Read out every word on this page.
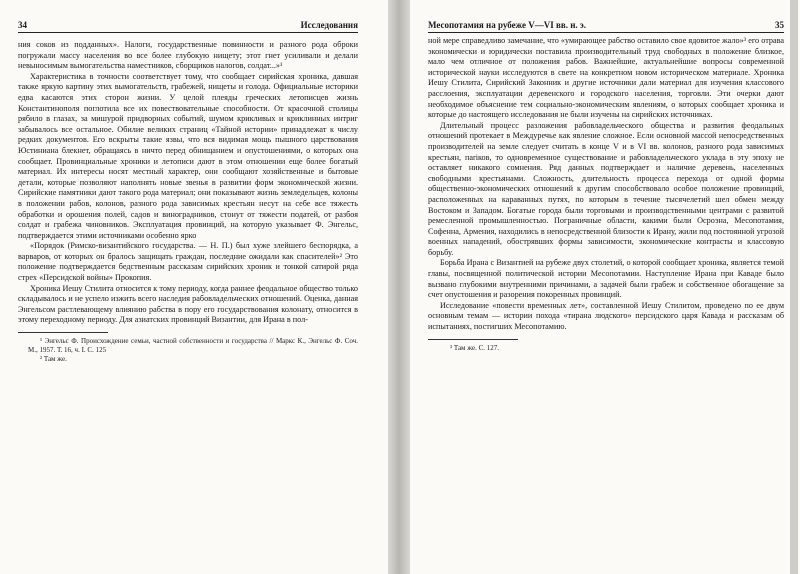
34	Исследования

ния соков из подданных». Налоги, государственные повинности и разного рода оброки погружали массу населения во все более глубокую нищету; этот гнет усиливали и делали невыносимым вымогательства наместников, сборщиков налогов, солдат...»¹

Характеристика в точности соответствует тому, что сообщает сирийская хроника, давшая также яркую картину этих вымогательств, грабежей, нищеты и голода. Официальные историки едва касаются этих сторон жизни. У целой плеяды греческих летописцев жизнь Константинополя поглотила все их повествовательные способности. От красочной столицы рябило в глазах, за мишурой придворных событий, шумом крикливых и криклинных интриг забывалось все остальное. Обилие великих страниц «Тайной истории» принадлежат к числу редких документов. Его вскрыты такие язвы, что вся видимая мощь пышного царствования Юстиниана блекнет, обращаясь в ничто перед обнищанием и опустошениями, о которых она сообщает. Провинциальные хроники и летописи дают в этом отношении еще более богатый материал. Их интересы носят местный характер, они сообщают хозяйственные и бытовые детали, которые позволяют наполнять новые звенья в развитии форм экономической жизни. Сирийские памятники дают такого рода материал; они показывают жизнь земледельцев, колоны в положении рабов, колонов, разного рода зависимых крестьян несут на себе все тяжесть обработки и орошения полей, садов и виноградников, стонут от тяжести податей, от разбоя солдат и грабежа чиновников. Эксплуатация провинций, на которую указывает Ф. Энгельс, подтверждается этими источниками особенно ярко

«Порядок (Римско-византийского государства. — Н. П.) был хуже злейшего беспорядка, а варваров, от которых он бралось защищать граждан, последние ожидали как спасителей»² Это положение подтверждается бедственным рассказам сирийских хроник и тонкой сатирой ряда стрех «Персидской войны» Прокопия.

Хроника Иешу Стилита относится к тому периоду, когда раннее феодальное общество только складывалось и не успело изжить всего наследия рабовладельческих отношений. Оценка, данная Энгельсом растлевающему влиянию рабства в пору его государствования колонату, относится в этому переходному периоду. Для азиатских провинций Византии, для Ирана в пол-

¹ Энгельс Ф. Происхождение семьи, частной собственности и государства // Маркс К., Энгельс Ф. Соч. М., 1957. Т. 16, ч. I. С. 125

² Там же.

Месопотамия на рубеже V—VI вв. н. э.	35

ной мере справедливо замечание, что «умирающее рабство оставило свое ядовитое жало»³ его отрава экономически и юридически поставила производительный труд свободных в положение близкое, мало чем отличное от положения рабов. Важнейшие, актуальнейшие вопросы современной исторической науки исследуются в свете на конкретном новом историческом материале. Хроника Иешу Стилита, Сирийский Законник и другие источники дали материал для изучения классового расслоения, эксплуатации деревенского и городского населения, торговли. Эти очерки дают необходимое объяснение тем социально-экономическим явлениям, о которых сообщает хроника и которые до настоящего исследования не были изучены на сирийских источниках.

Длительный процесс разложения рабовладельческого общества и развития феодальных отношений протекает в Междуречье как явление сложное. Если основной массой непосредственных производителей на земле следует считать в конце V и в VI вв. колонов, разного рода зависимых крестьян, пariков, то одновременное существование и рабовладельческого уклада в эту эпоху не оставляет никакого сомнения. Ряд данных подтверждает и наличие деревень, населенных свободными крестьянами. Сложность, длительность процесса перехода от одной формы общественно-экономических отношений к другим способствовало особое положение провинций, расположенных на караванных путях, по которым в течение тысячелетий шел обмен между Востоком и Западом. Богатые города были торговыми и производственными центрами с развитой ремесленной промышленностью. Пограничные области, какими были Осроэна, Месопотамия, Софенна, Армения, находились в непосредственной близости к Ирану, жили под постоянной угрозой военных нападений, обострявших формы зависимости, экономические контрасты и классовую борьбу.

Борьба Ирана с Византией на рубеже двух столетий, о которой сообщает хроника, является темой главы, посвященной политической истории Месопотамии. Наступление Ирана при Каваде было вызвано глубокими внутренними причинами, а задачей были грабеж и собственное обогащение за счет опустошения и разорения покоренных провинций.

Исследование «повести временных лет», составленной Иешу Стилитом, проведено по ее двум основным темам — истории похода «тирана людского» персидского царя Кавада и рассказам об испытаниях, постигших Месопотамию.

³ Там же. С. 127.
